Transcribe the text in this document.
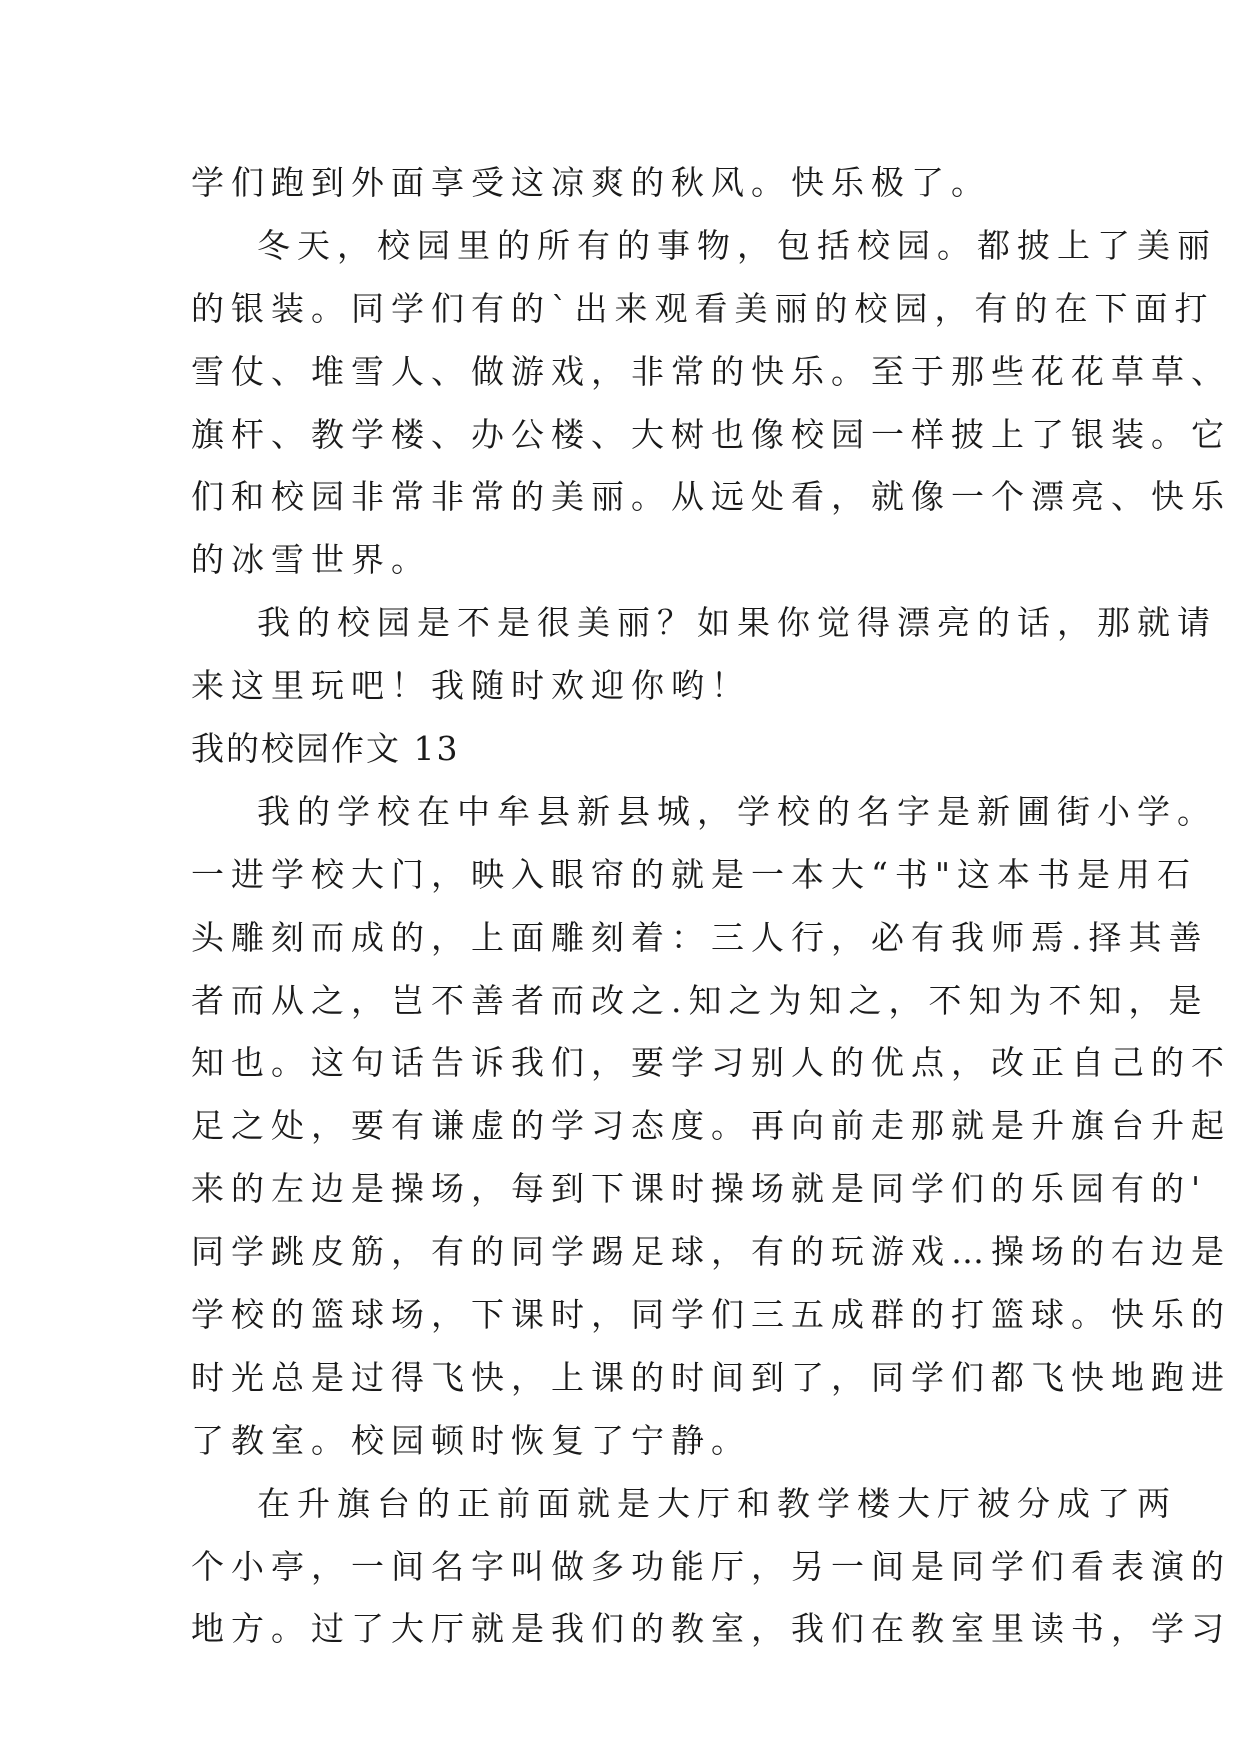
学们跑到外面享受这凉爽的秋风。快乐极了。
冬天，校园里的所有的事物，包括校园。都披上了美丽
的银装。同学们有的`出来观看美丽的校园，有的在下面打
雪仗、堆雪人、做游戏，非常的快乐。至于那些花花草草、
旗杆、教学楼、办公楼、大树也像校园一样披上了银装。它
们和校园非常非常的美丽。从远处看，就像一个漂亮、快乐
的冰雪世界。
我的校园是不是很美丽？如果你觉得漂亮的话，那就请
来这里玩吧！我随时欢迎你哟！
我的校园作文 13
我的学校在中牟县新县城，学校的名字是新圃街小学。
一进学校大门，映入眼帘的就是一本大“书"这本书是用石
头雕刻而成的，上面雕刻着：三人行，必有我师焉.择其善
者而从之，岂不善者而改之.知之为知之，不知为不知，是
知也。这句话告诉我们，要学习别人的优点，改正自己的不
足之处，要有谦虚的学习态度。再向前走那就是升旗台升起
来的左边是操场，每到下课时操场就是同学们的乐园有的'
同学跳皮筋，有的同学踢足球，有的玩游戏…操场的右边是
学校的篮球场，下课时，同学们三五成群的打篮球。快乐的
时光总是过得飞快，上课的时间到了，同学们都飞快地跑进
了教室。校园顿时恢复了宁静。
在升旗台的正前面就是大厅和教学楼大厅被分成了两
个小亭，一间名字叫做多功能厅，另一间是同学们看表演的
地方。过了大厅就是我们的教室，我们在教室里读书，学习
